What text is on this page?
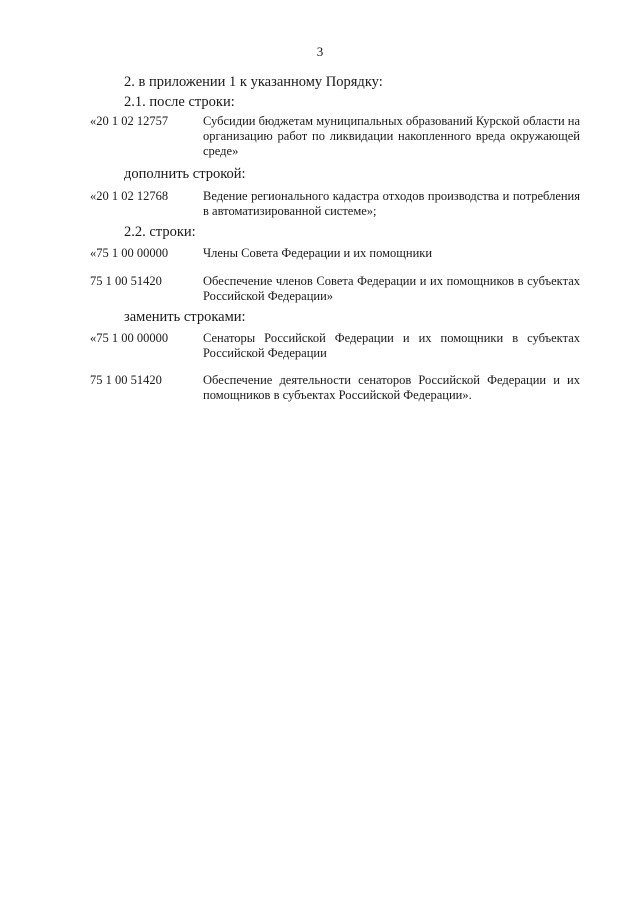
3
2. в приложении 1 к указанному Порядку:
2.1. после строки:
«20 1 02 12757	Субсидии бюджетам муниципальных образований Курской области на организацию работ по ликвидации накопленного вреда окружающей среде»
дополнить строкой:
«20 1 02 12768	Ведение регионального кадастра отходов производства и потребления в автоматизированной системе»;
2.2. строки:
«75 1 00 00000	Члены Совета Федерации и их помощники
75 1 00 51420	Обеспечение членов Совета Федерации и их помощников в субъектах Российской Федерации»
заменить строками:
«75 1 00 00000	Сенаторы Российской Федерации и их помощники в субъектах Российской Федерации
75 1 00 51420	Обеспечение деятельности сенаторов Российской Федерации и их помощников в субъектах Российской Федерации».
